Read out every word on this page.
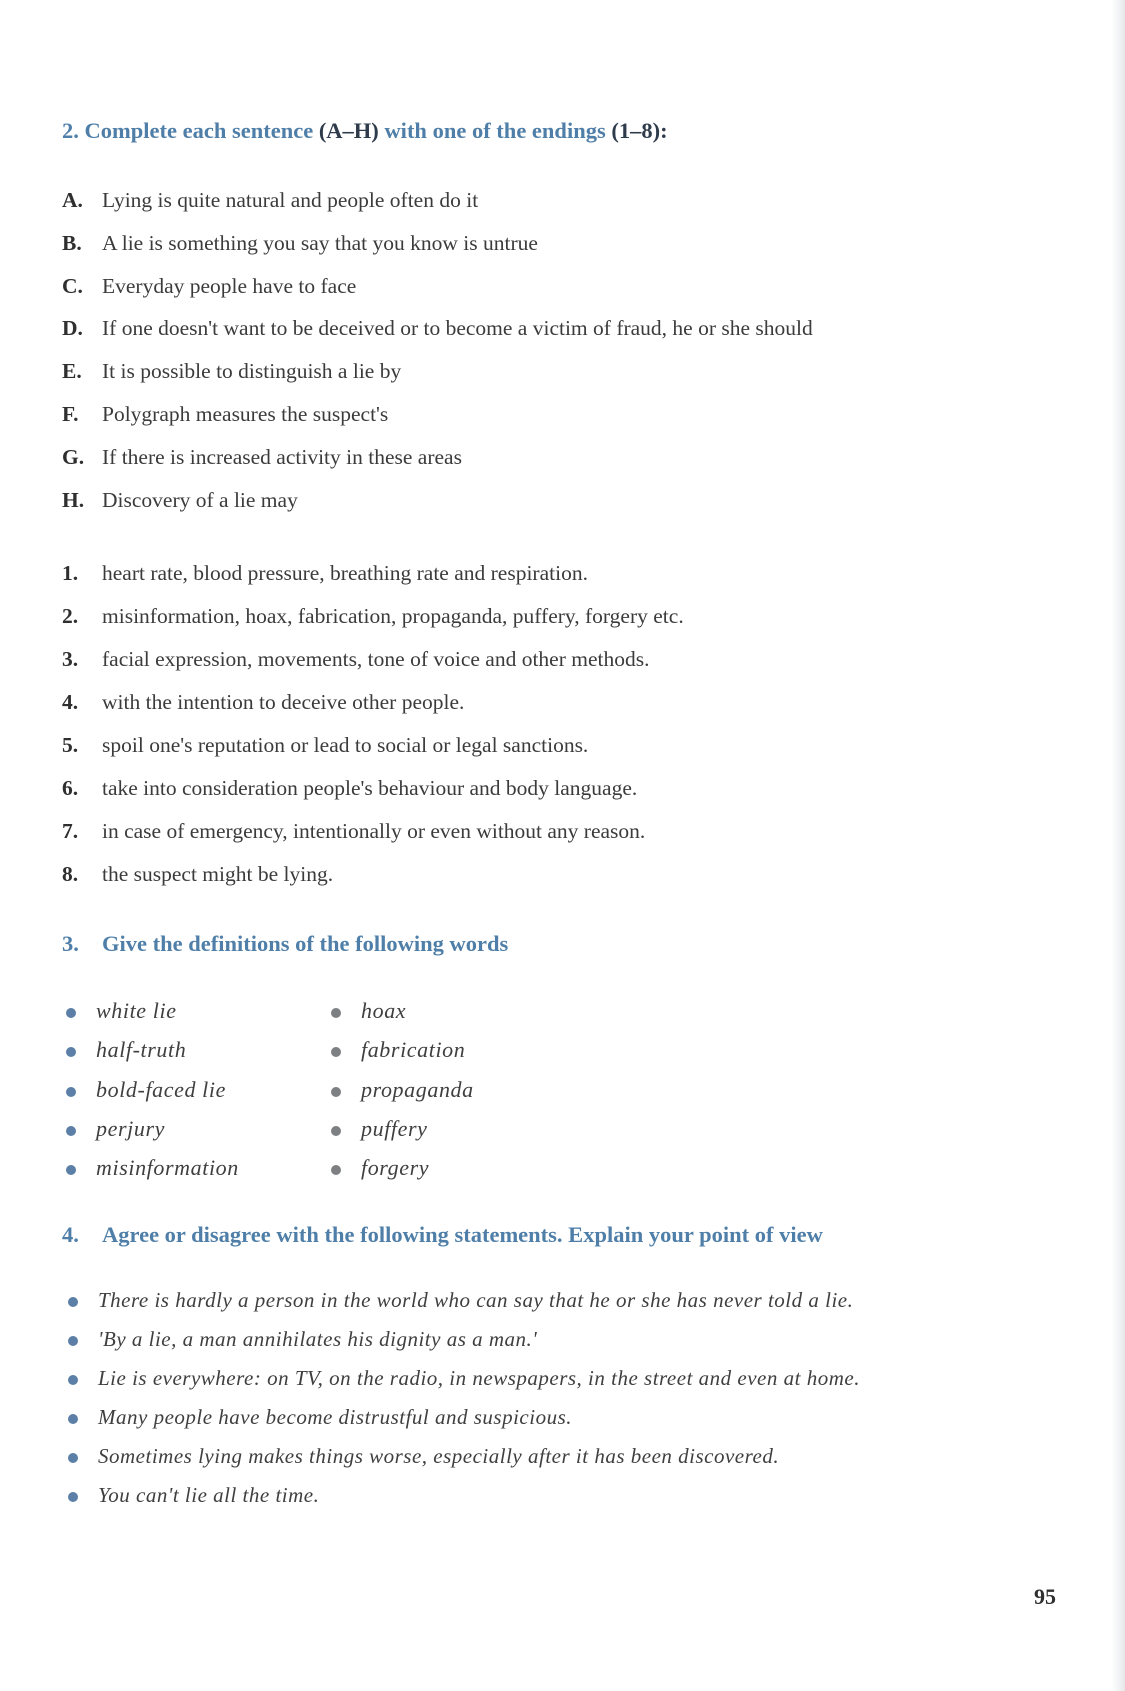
2. Complete each sentence (A–H) with one of the endings (1–8):
A. Lying is quite natural and people often do it
B. A lie is something you say that you know is untrue
C. Everyday people have to face
D. If one doesn't want to be deceived or to become a victim of fraud, he or she should
E. It is possible to distinguish a lie by
F. Polygraph measures the suspect's
G. If there is increased activity in these areas
H. Discovery of a lie may
1. heart rate, blood pressure, breathing rate and respiration.
2. misinformation, hoax, fabrication, propaganda, puffery, forgery etc.
3. facial expression, movements, tone of voice and other methods.
4. with the intention to deceive other people.
5. spoil one's reputation or lead to social or legal sanctions.
6. take into consideration people's behaviour and body language.
7. in case of emergency, intentionally or even without any reason.
8. the suspect might be lying.
3. Give the definitions of the following words
white lie
half-truth
bold-faced lie
perjury
misinformation
hoax
fabrication
propaganda
puffery
forgery
4. Agree or disagree with the following statements. Explain your point of view
There is hardly a person in the world who can say that he or she has never told a lie.
'By a lie, a man annihilates his dignity as a man.'
Lie is everywhere: on TV, on the radio, in newspapers, in the street and even at home.
Many people have become distrustful and suspicious.
Sometimes lying makes things worse, especially after it has been discovered.
You can't lie all the time.
95
